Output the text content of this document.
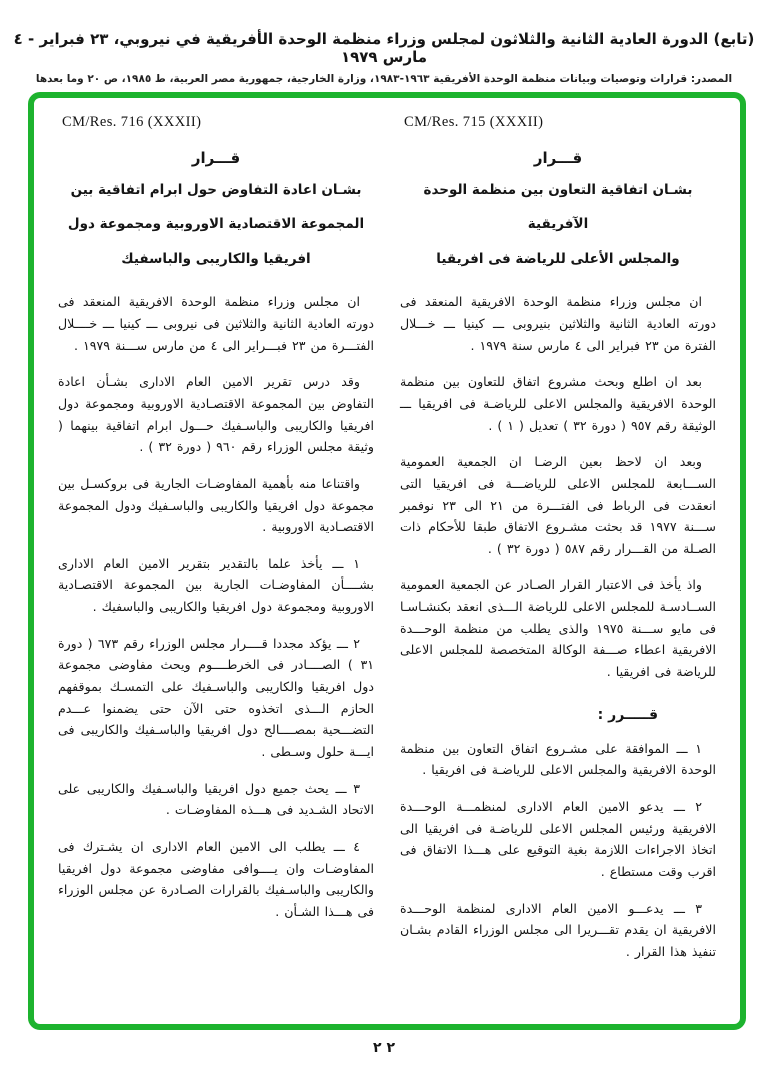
(تابع) الدورة العادية الثانية والثلاثون لمجلس وزراء منظمة الوحدة الأفريقية في نيروبي، ٢٣ فبراير - ٤ مارس ١٩٧٩
المصدر: قرارات وتوصيات وبيانات منظمة الوحدة الأفريقية ١٩٦٣-١٩٨٣، وزارة الخارجية، جمهورية مصر العربية، ط ١٩٨٥، ص ٢٠ وما بعدها
CM/Res. 715 (XXXII)
قـــرار
بشـان اتفاقية التعاون بين منظمة الوحدة الآفريقية
والمجلس الأعلى للرياضة فى افريقيا

ان مجلس وزراء منظمة الوحدة الافريقية المنعقد فى دورته العادية الثانية والثلاثين بنيروبى ـــ كينيا ـــ خـــلال الفترة من ٢٣ فبراير الى ٤ مارس سنة ١٩٧٩ .

بعد ان اطلع وبحث مشروع اتفاق للتعاون بين منظمة الوحدة الافريقية والمجلس الاعلى للرياضـة فى افريقيا ـــ الوثيقة رقم ٩٥٧ ( دورة ٣٢ ) تعديل ( ١ ) .

وبعد ان لاحظ بعين الرضـا ان الجمعية العمومية الســـابعة للمجلس الاعلى للرياضـــة فى افريقيا التى انعقدت فى الرباط فى الفتـــرة من ٢١ الى ٢٣ نوفمبر ســـنة ١٩٧٧ قد بحثت مشـروع الاتفاق طبقا للأحكام ذات الصـلة من القـــرار رقم ٥٨٧ ( دورة ٣٢ ) .

واذ يأخذ فى الاعتبار القرار الصـادر عن الجمعية العمومية الســادسـة للمجلس الاعلى للرياضة الـــذى انعقد بكنشـاسـا فى مايو ســـنة ١٩٧٥ والذى يطلب من منظمة الوحـــدة الافريقية اعطاء صـــفة الوكالة المتخصصة للمجلس الاعلى للرياضة فى افريقيا .

قـــــرر :

١ ـــ الموافقة على مشـروع اتفاق التعاون بين منظمة الوحدة الافريقية والمجلس الاعلى للرياضـة فى افريقيا .

٢ ـــ يدعو الامين العام الادارى لمنظمـــة الوحـــدة الافريقية ورئيس المجلس الاعلى للرياضـة فى افريقيا الى اتخاذ الاجراءات اللازمة بغية التوقيع على هـــذا الاتفاق فى اقرب وقت مستطاع .

٣ ـــ يدعـــو الامين العام الادارى لمنظمة الوحـــدة الافريقية ان يقدم تقـــريرا الى مجلس الوزراء القادم بشـان تنفيذ هذا القرار .

CM/Res. 716 (XXXII)
قـــرار
بشـان اعادة التفاوض حول ابرام اتفاقية بين
المجموعة الاقتصادية الاوروبية ومجموعة دول
افريقيا والكاريبى والباسفيك

ان مجلس وزراء منظمة الوحدة الافريقية المنعقد فى دورته العادية الثانية والثلاثين فى نيروبى ـــ كينيا ـــ خــــلال الفتـــرة من ٢٣ فبـــراير الى ٤ من مارس ســـنة ١٩٧٩ .

وقد درس تقرير الامين العام الادارى بشـأن اعادة التفاوض بين المجموعة الاقتصـادية الاوروبية ومجموعة دول افريقيا والكاريبى والباسـفيك حـــول ابرام اتفاقية بينهما ( وثيقة مجلس الوزراء رقم ٩٦٠ ( دورة ٣٢ ) .

واقتناعا منه بأهمية المفاوضـات الجارية فى بروكسـل بين مجموعة دول افريقيا والكاريبى والباسـفيك ودول المجموعة الاقتصـادية الاوروبية .

١ ـــ يأخذ علما بالتقدير بتقرير الامين العام الادارى بشــــأن المفاوضـات الجارية بين المجموعة الاقتصـادية الاوروبية ومجموعة دول افريقيا والكاريبى والباسفيك .

٢ ـــ يؤكد مجددا قــــرار مجلس الوزراء رقم ٦٧٣ ( دورة ٣١ ) الصــــادر فى الخرطــــوم ويحث مفاوضى مجموعة دول افريقيا والكاريبى والباسـفيك على التمسـك بموقفهم الحازم الـــذى اتخذوه حتى الآن حتى يضمنوا عـــدم التضـــحية بمصــــالح دول افريقيا والباسـفيك والكاريبى فى ايـــة حلول وسـطى .

٣ ـــ يحث جميع دول افريقيا والباسـفيك والكاريبى على الاتحاد الشـديد فى هـــذه المفاوضـات .

٤ ـــ يطلب الى الامين العام الادارى ان يشـترك فى المفاوضـات وان يــــوافى مفاوضى مجموعة دول افريقيا والكاريبى والباسـفيك بالقرارات الصـادرة عن مجلس الوزراء فى هـــذا الشـأن .

٢ ٢
